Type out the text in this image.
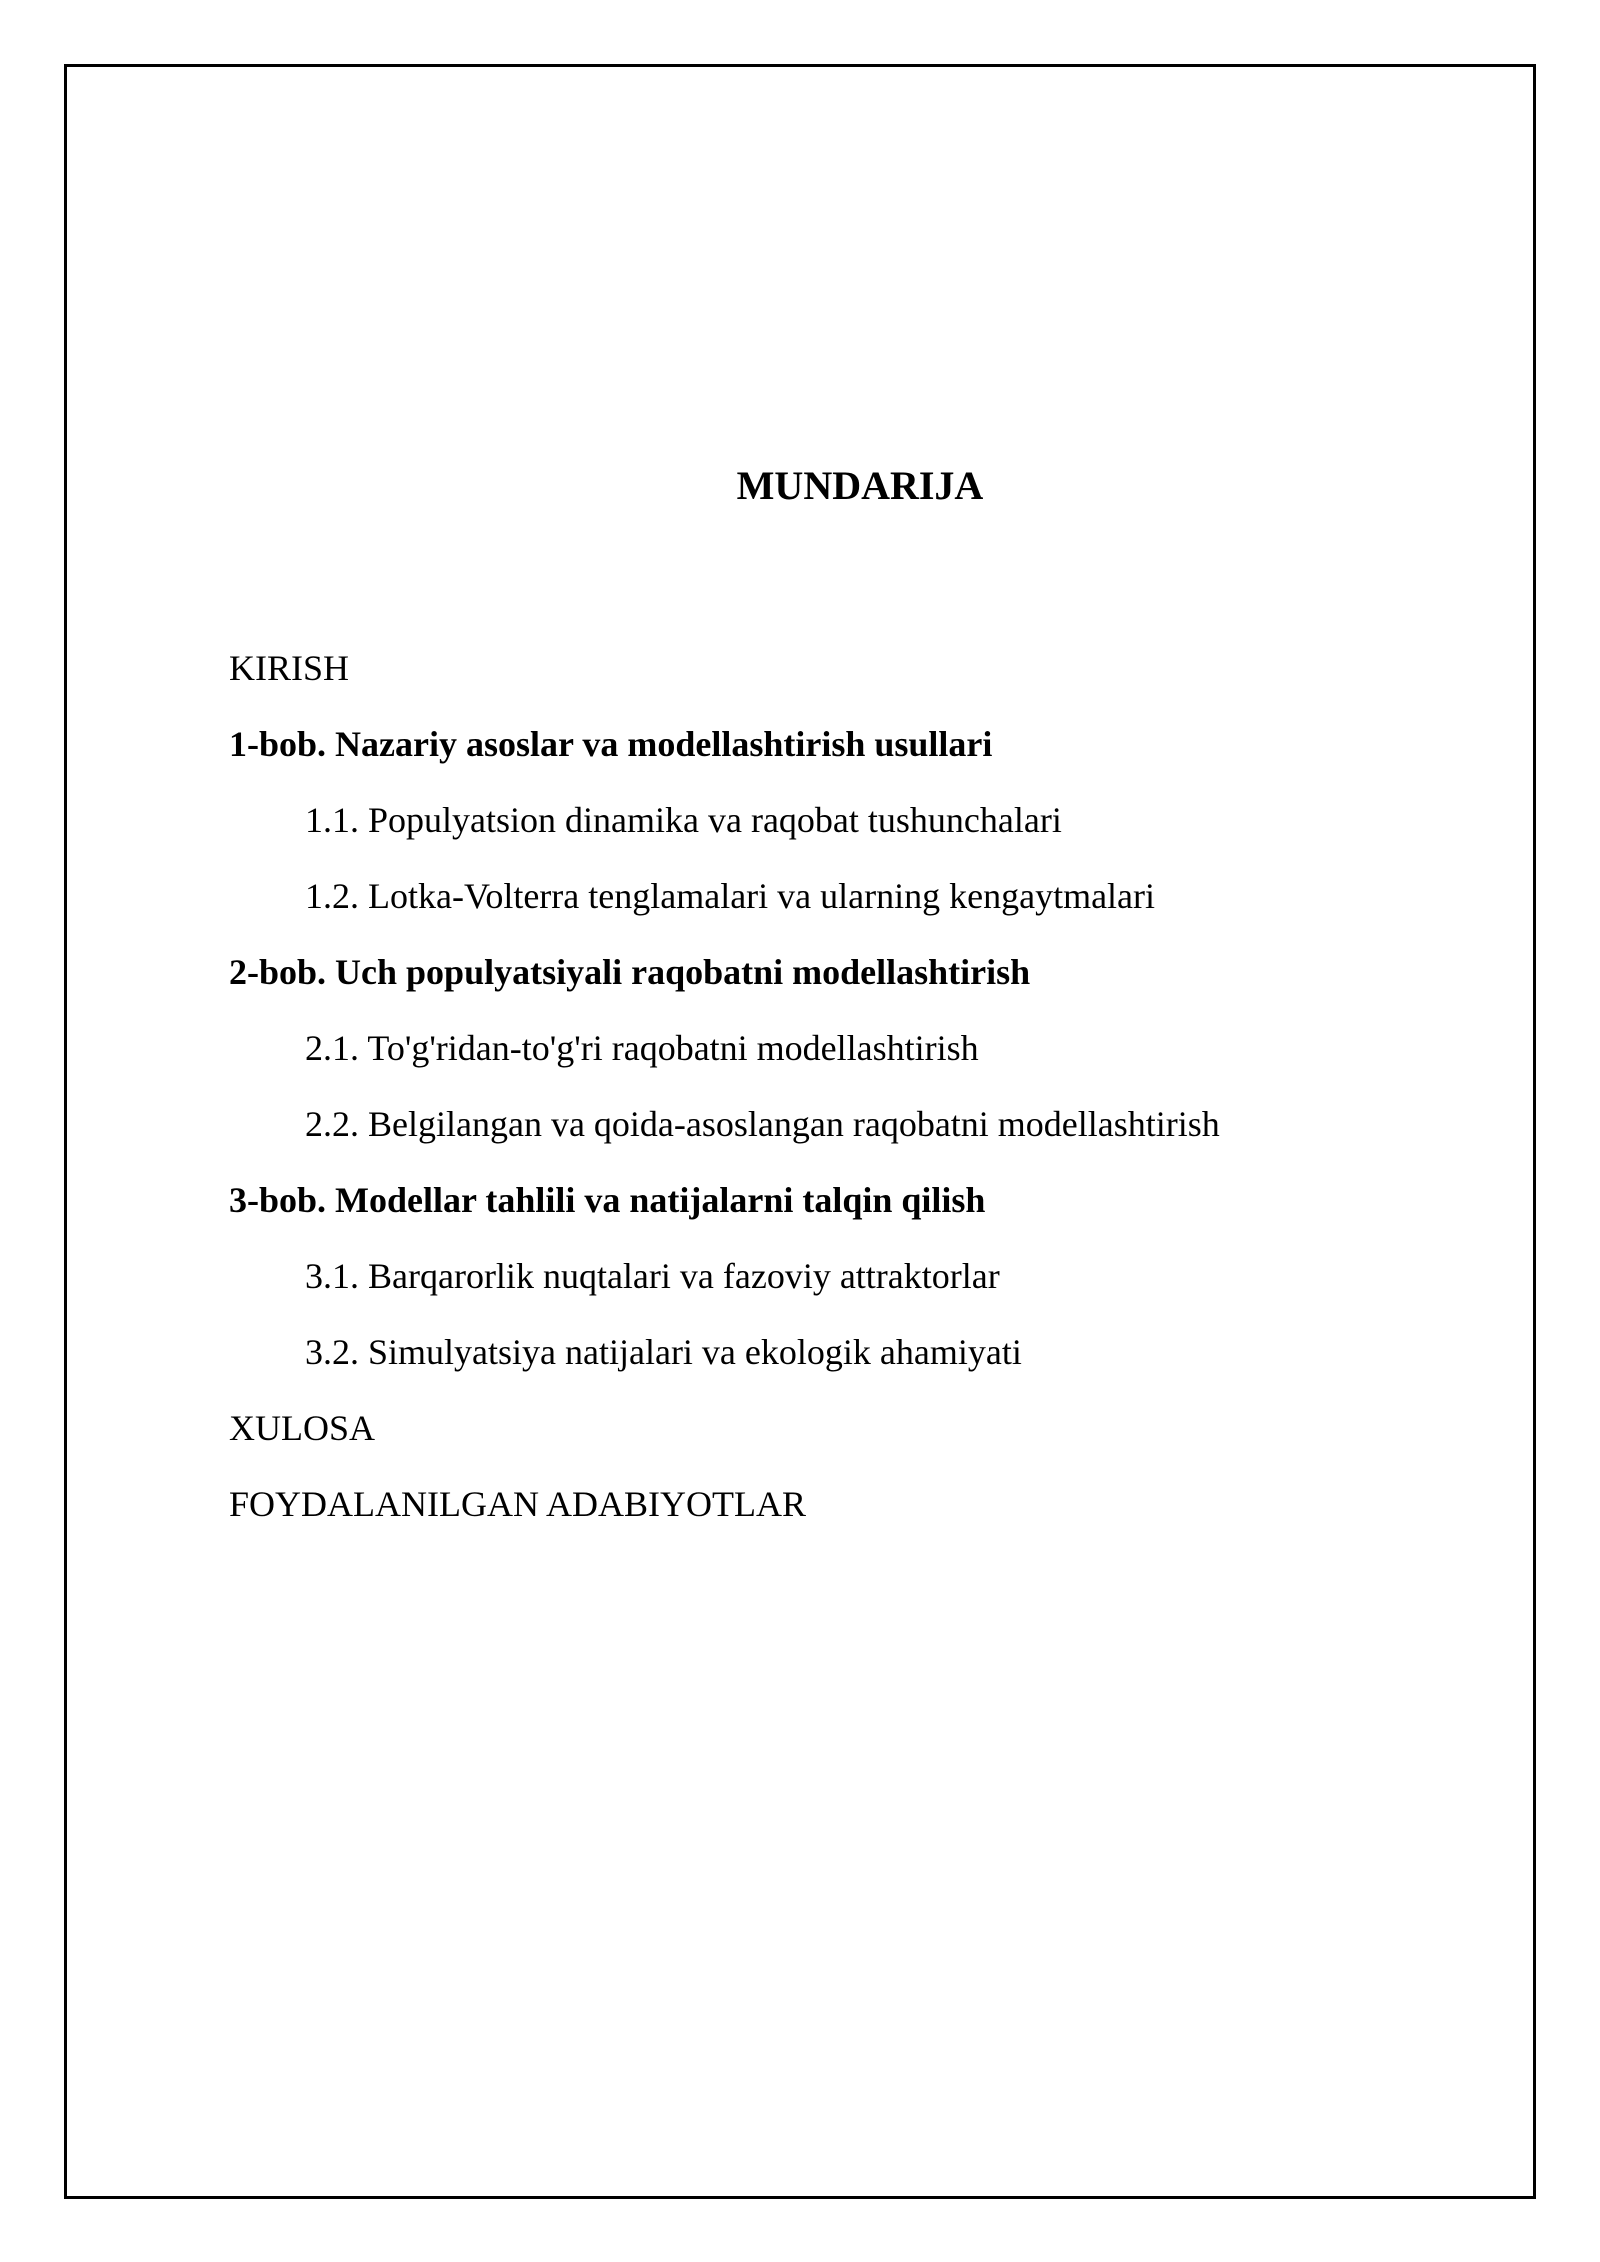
MUNDARIJA
KIRISH
1-bob. Nazariy asoslar va modellashtirish usullari
1.1. Populyatsion dinamika va raqobat tushunchalari
1.2. Lotka-Volterra tenglamalari va ularning kengaytmalari
2-bob. Uch populyatsiyali raqobatni modellashtirish
2.1. To'g'ridan-to'g'ri raqobatni modellashtirish
2.2. Belgilangan va qoida-asoslangan raqobatni modellashtirish
3-bob. Modellar tahlili va natijalarni talqin qilish
3.1. Barqarorlik nuqtalari va fazoviy attraktorlar
3.2. Simulyatsiya natijalari va ekologik ahamiyati
XULOSA
FOYDALANILGAN ADABIYOTLAR
